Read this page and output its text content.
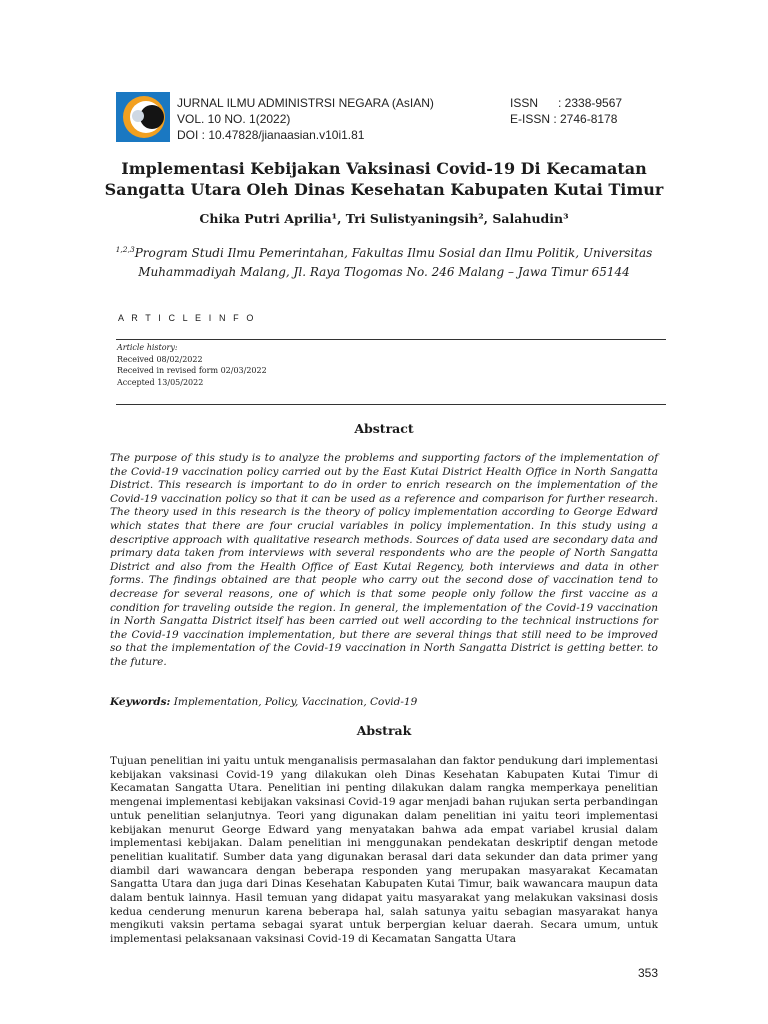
JURNAL ILMU ADMINISTRSI NEGARA (AsIAN)	ISSN      : 2338-9567
VOL. 10 NO. 1(2022)	E-ISSN : 2746-8178
DOI : 10.47828/jianaasian.v10i1.81
Implementasi Kebijakan Vaksinasi Covid-19 Di Kecamatan Sangatta Utara Oleh Dinas Kesehatan Kabupaten Kutai Timur
Chika Putri Aprilia¹, Tri Sulistyaningsih², Salahudin³
$^{1,2,3}$Program Studi Ilmu Pemerintahan, Fakultas Ilmu Sosial dan Ilmu Politik, Universitas Muhammadiyah Malang, Jl. Raya Tlogomas No. 246 Malang – Jawa Timur 65144
A R T I C L E I N F O
Article history:
Received 08/02/2022
Received in revised form 02/03/2022
Accepted 13/05/2022
Abstract
The purpose of this study is to analyze the problems and supporting factors of the implementation of the Covid-19 vaccination policy carried out by the East Kutai District Health Office in North Sangatta District. This research is important to do in order to enrich research on the implementation of the Covid-19 vaccination policy so that it can be used as a reference and comparison for further research. The theory used in this research is the theory of policy implementation according to George Edward which states that there are four crucial variables in policy implementation. In this study using a descriptive approach with qualitative research methods. Sources of data used are secondary data and primary data taken from interviews with several respondents who are the people of North Sangatta District and also from the Health Office of East Kutai Regency, both interviews and data in other forms. The findings obtained are that people who carry out the second dose of vaccination tend to decrease for several reasons, one of which is that some people only follow the first vaccine as a condition for traveling outside the region. In general, the implementation of the Covid-19 vaccination in North Sangatta District itself has been carried out well according to the technical instructions for the Covid-19 vaccination implementation, but there are several things that still need to be improved so that the implementation of the Covid-19 vaccination in North Sangatta District is getting better. to the future.
Keywords: Implementation, Policy, Vaccination, Covid-19
Abstrak
Tujuan penelitian ini yaitu untuk menganalisis permasalahan dan faktor pendukung dari implementasi kebijakan vaksinasi Covid-19 yang dilakukan oleh Dinas Kesehatan Kabupaten Kutai Timur di Kecamatan Sangatta Utara. Penelitian ini penting dilakukan dalam rangka memperkaya penelitian mengenai implementasi kebijakan vaksinasi Covid-19 agar menjadi bahan rujukan serta perbandingan untuk penelitian selanjutnya. Teori yang digunakan dalam penelitian ini yaitu teori implementasi kebijakan menurut George Edward yang menyatakan bahwa ada empat variabel krusial dalam implementasi kebijakan. Dalam penelitian ini menggunakan pendekatan deskriptif dengan metode penelitian kualitatif. Sumber data yang digunakan berasal dari data sekunder dan data primer yang diambil dari wawancara dengan beberapa responden yang merupakan masyarakat Kecamatan Sangatta Utara dan juga dari Dinas Kesehatan Kabupaten Kutai Timur, baik wawancara maupun data dalam bentuk lainnya. Hasil temuan yang didapat yaitu masyarakat yang melakukan vaksinasi dosis kedua cenderung menurun karena beberapa hal, salah satunya yaitu sebagian masyarakat hanya mengikuti vaksin pertama sebagai syarat untuk berpergian keluar daerah. Secara umum, untuk implementasi pelaksanaan vaksinasi Covid-19 di Kecamatan Sangatta Utara
353
